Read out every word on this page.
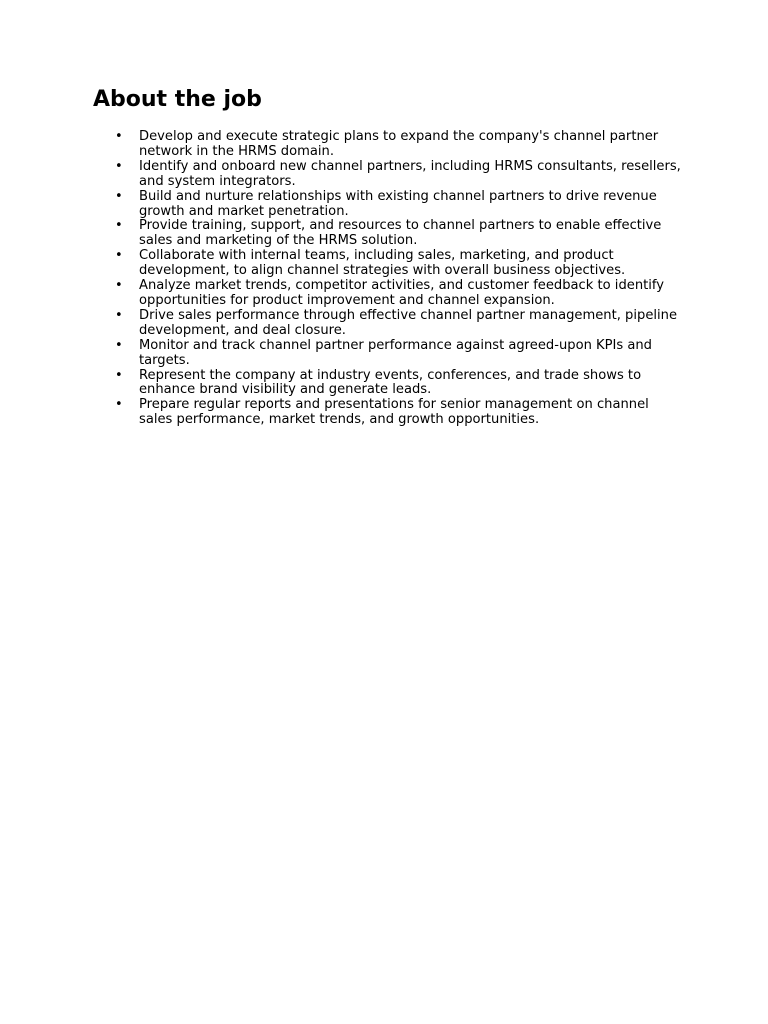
About the job
• Develop and execute strategic plans to expand the company's channel partner network in the HRMS domain.
• Identify and onboard new channel partners, including HRMS consultants, resellers, and system integrators.
• Build and nurture relationships with existing channel partners to drive revenue growth and market penetration.
• Provide training, support, and resources to channel partners to enable effective sales and marketing of the HRMS solution.
• Collaborate with internal teams, including sales, marketing, and product development, to align channel strategies with overall business objectives.
• Analyze market trends, competitor activities, and customer feedback to identify opportunities for product improvement and channel expansion.
• Drive sales performance through effective channel partner management, pipeline development, and deal closure.
• Monitor and track channel partner performance against agreed-upon KPIs and targets.
• Represent the company at industry events, conferences, and trade shows to enhance brand visibility and generate leads.
• Prepare regular reports and presentations for senior management on channel sales performance, market trends, and growth opportunities.
